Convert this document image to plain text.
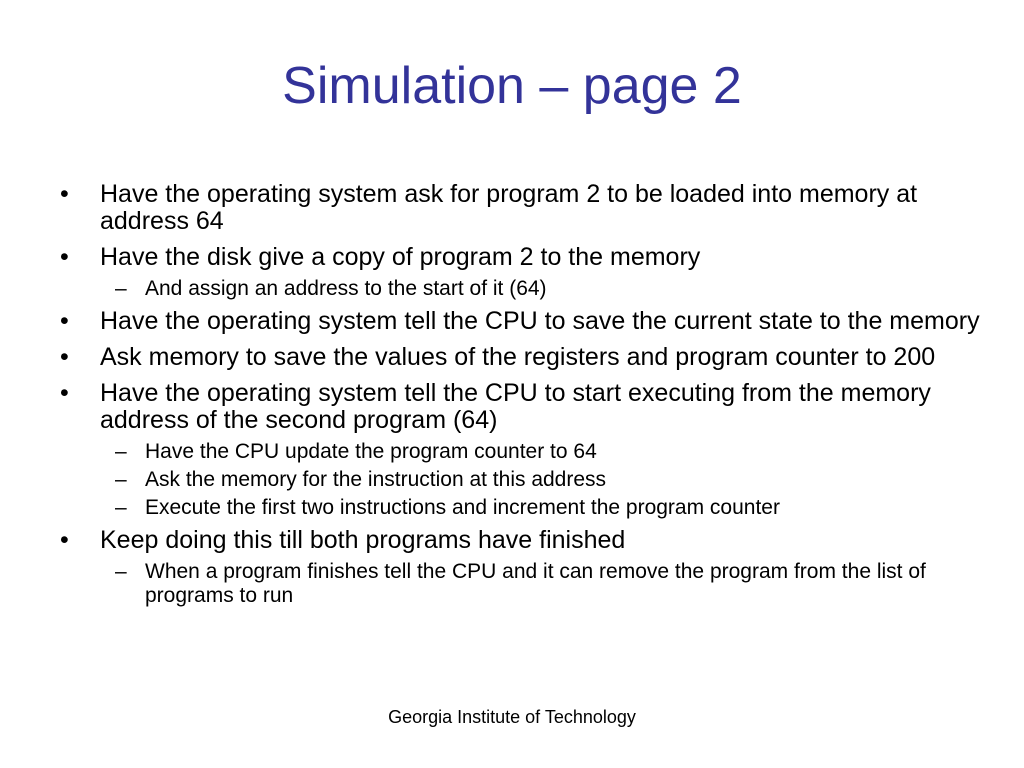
Simulation – page 2
•	Have the operating system ask for program 2 to be loaded into memory at address 64
•	Have the disk give a copy of program 2 to the memory
– And assign an address to the start of it (64)
•	Have the operating system tell the CPU to save the current state to the memory
•	Ask memory to save the values of the registers and program counter to 200
•	Have the operating system tell the CPU to start executing from the memory address of the second program (64)
– Have the CPU update the program counter to 64
– Ask the memory for the instruction at this address
– Execute the first two instructions and increment the program counter
•	Keep doing this till both programs have finished
– When a program finishes tell the CPU and it can remove the program from the list of programs to run
Georgia Institute of Technology
